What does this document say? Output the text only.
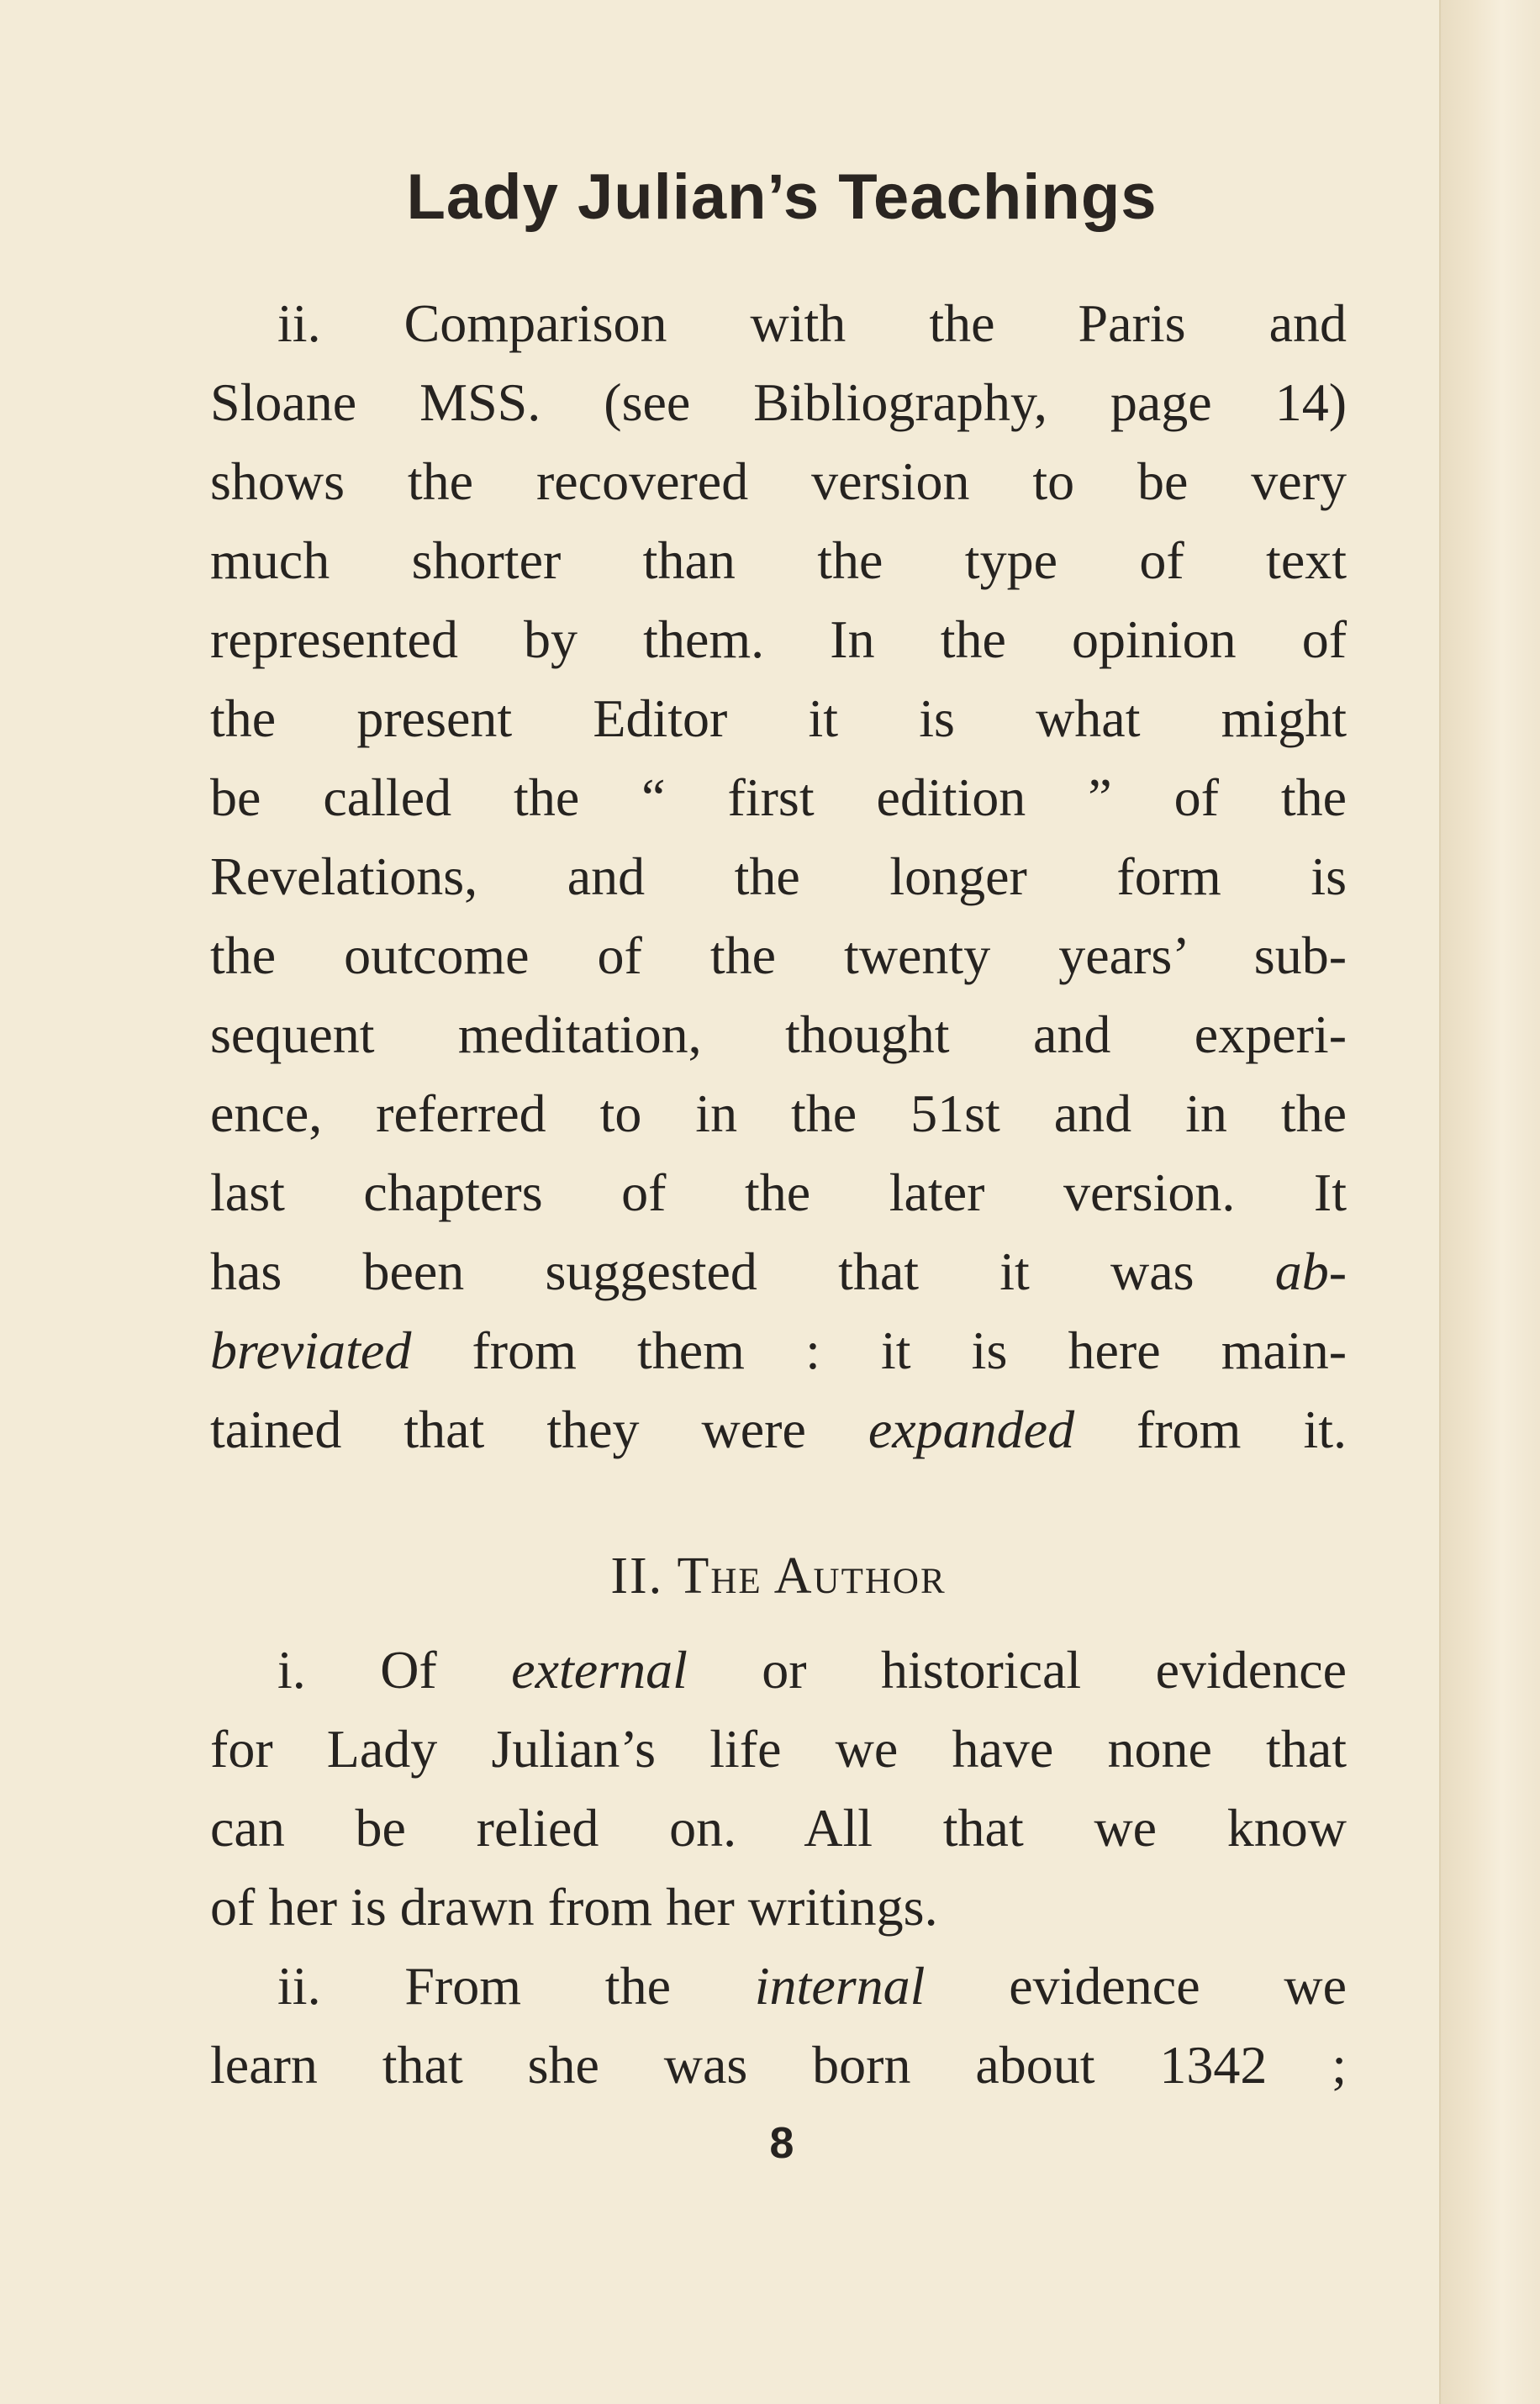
Lady Julian’s Teachings
ii. Comparison with the Paris and
Sloane MSS. (see Bibliography, page 14)
shows the recovered version to be very
much shorter than the type of text
represented by them. In the opinion of
the present Editor it is what might
be called the “ first edition ” of the
Revelations, and the longer form is
the outcome of the twenty years’ sub-
sequent meditation, thought and experi-
ence, referred to in the 51st and in the
last chapters of the later version. It
has been suggested that it was ab-
breviated from them : it is here main-
tained that they were expanded from it.
II. The Author
i. Of external or historical evidence
for Lady Julian’s life we have none that
can be relied on. All that we know
of her is drawn from her writings.
ii. From the internal evidence we
learn that she was born about 1342 ;
8
